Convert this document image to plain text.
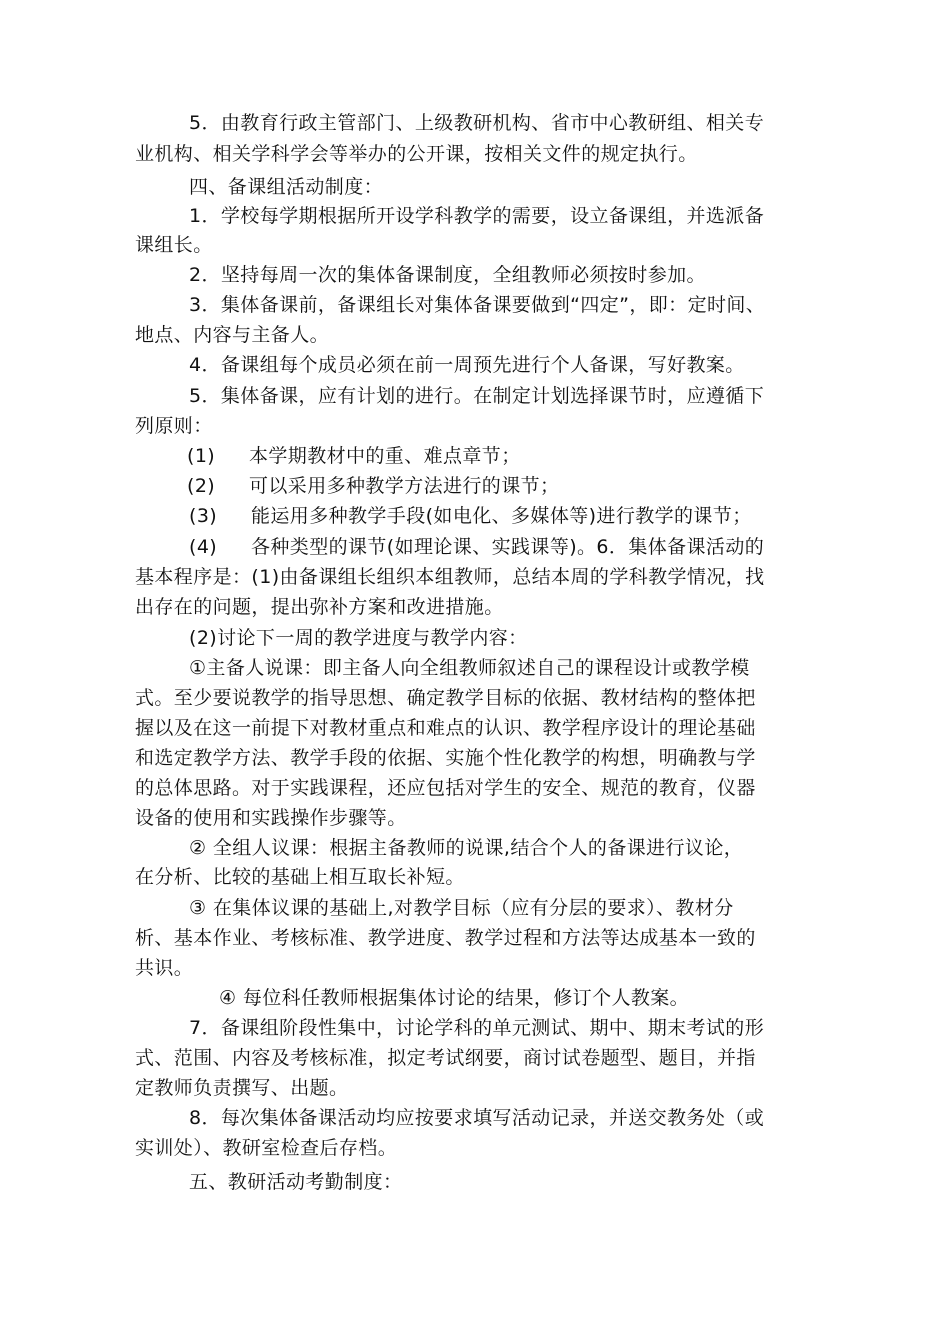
5．由教育行政主管部门、上级教研机构、省市中心教研组、相关专
业机构、相关学科学会等举办的公开课，按相关文件的规定执行。
四、备课组活动制度：
1．学校每学期根据所开设学科教学的需要，设立备课组，并选派备
课组长。
2．坚持每周一次的集体备课制度，全组教师必须按时参加。
3．集体备课前，备课组长对集体备课要做到“四定”，即：定时间、
地点、内容与主备人。
4．备课组每个成员必须在前一周预先进行个人备课，写好教案。
5．集体备课，应有计划的进行。在制定计划选择课节时，应遵循下
列原则：
(1) 本学期教材中的重、难点章节；
(2) 可以采用多种教学方法进行的课节；
(3) 能运用多种教学手段(如电化、多媒体等)进行教学的课节；
(4) 各种类型的课节(如理论课、实践课等)。6．集体备课活动的
基本程序是：(1)由备课组长组织本组教师，总结本周的学科教学情况，找
出存在的问题，提出弥补方案和改进措施。
(2)讨论下一周的教学进度与教学内容：
①主备人说课：即主备人向全组教师叙述自己的课程设计或教学模
式。至少要说教学的指导思想、确定教学目标的依据、教材结构的整体把
握以及在这一前提下对教材重点和难点的认识、教学程序设计的理论基础
和选定教学方法、教学手段的依据、实施个性化教学的构想，明确教与学
的总体思路。对于实践课程，还应包括对学生的安全、规范的教育，仪器
设备的使用和实践操作步骤等。
② 全组人议课：根据主备教师的说课,结合个人的备课进行议论，
在分析、比较的基础上相互取长补短。
③ 在集体议课的基础上,对教学目标（应有分层的要求）、教材分
析、基本作业、考核标准、教学进度、教学过程和方法等达成基本一致的
共识。
④ 每位科任教师根据集体讨论的结果，修订个人教案。
7．备课组阶段性集中，讨论学科的单元测试、期中、期末考试的形
式、范围、内容及考核标准，拟定考试纲要，商讨试卷题型、题目，并指
定教师负责撰写、出题。
8．每次集体备课活动均应按要求填写活动记录，并送交教务处（或
实训处）、教研室检查后存档。
五、教研活动考勤制度：
